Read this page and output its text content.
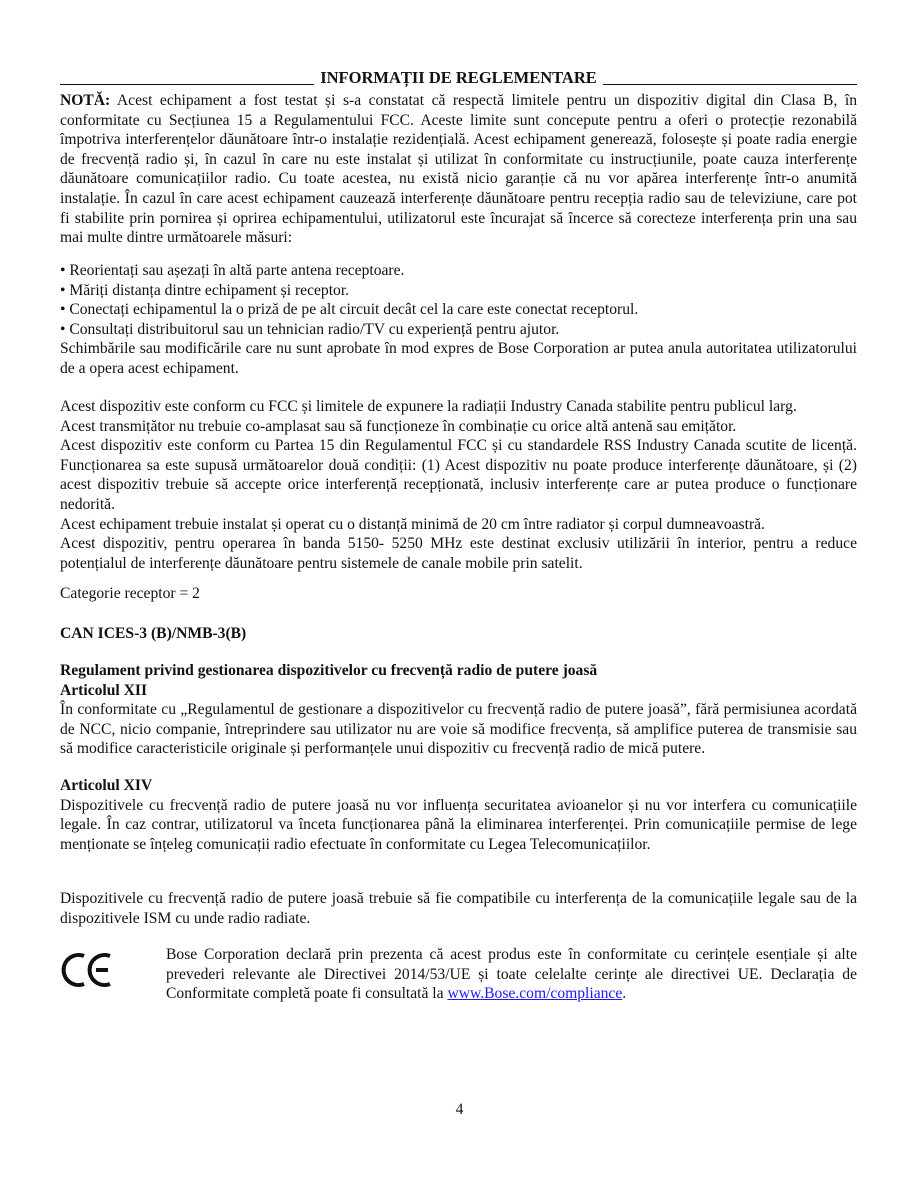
INFORMAȚII DE REGLEMENTARE

NOTĂ: Acest echipament a fost testat și s-a constatat că respectă limitele pentru un dispozitiv digital din Clasa B, în conformitate cu Secțiunea 15 a Regulamentului FCC. Aceste limite sunt concepute pentru a oferi o protecție rezonabilă împotriva interferențelor dăunătoare într-o instalație rezidențială. Acest echipament generează, folosește și poate radia energie de frecvență radio și, în cazul în care nu este instalat și utilizat în conformitate cu instrucțiunile, poate cauza interferențe dăunătoare comunicațiilor radio. Cu toate acestea, nu există nicio garanție că nu vor apărea interferențe într-o anumită instalație. În cazul în care acest echipament cauzează interferențe dăunătoare pentru recepția radio sau de televiziune, care pot fi stabilite prin pornirea și oprirea echipamentului, utilizatorul este încurajat să încerce să corecteze interferența prin una sau mai multe dintre următoarele măsuri:

• Reorientați sau așezați în altă parte antena receptoare.

• Măriți distanța dintre echipament și receptor.

• Conectați echipamentul la o priză de pe alt circuit decât cel la care este conectat receptorul.

• Consultați distribuitorul sau un tehnician radio/TV cu experiență pentru ajutor.

Schimbările sau modificările care nu sunt aprobate în mod expres de Bose Corporation ar putea anula autoritatea utilizatorului de a opera acest echipament.

Acest dispozitiv este conform cu FCC și limitele de expunere la radiații Industry Canada stabilite pentru publicul larg.

Acest transmițător nu trebuie co-amplasat sau să funcționeze în combinație cu orice altă antenă sau emițător.

Acest dispozitiv este conform cu Partea 15 din Regulamentul FCC și cu standardele RSS Industry Canada scutite de licență. Funcționarea sa este supusă următoarelor două condiții: (1) Acest dispozitiv nu poate produce interferențe dăunătoare, și (2) acest dispozitiv trebuie să accepte orice interferență recepționată, inclusiv interferențe care ar putea produce o funcționare nedorită.

Acest echipament trebuie instalat și operat cu o distanță minimă de 20 cm între radiator și corpul dumneavoastră.

Acest dispozitiv, pentru operarea în banda 5150- 5250 MHz este destinat exclusiv utilizării în interior, pentru a reduce potențialul de interferențe dăunătoare pentru sistemele de canale mobile prin satelit.

Categorie receptor = 2
CAN ICES-3 (B)/NMB-3(B)

Regulament privind gestionarea dispozitivelor cu frecvență radio de putere joasă

Articolul XII

În conformitate cu „Regulamentul de gestionare a dispozitivelor cu frecvență radio de putere joasă”, fără permisiunea acordată de NCC, nicio companie, întreprindere sau utilizator nu are voie să modifice frecvența, să amplifice puterea de transmisie sau să modifice caracteristicile originale și performanțele unui dispozitiv cu frecvență radio de mică putere.

Articolul XIV

Dispozitivele cu frecvență radio de putere joasă nu vor influența securitatea avioanelor și nu vor interfera cu comunicațiile legale. În caz contrar, utilizatorul va înceta funcționarea până la eliminarea interferenței. Prin comunicațiile permise de lege menționate se înțeleg comunicații radio efectuate în conformitate cu Legea Telecomunicațiilor.

Dispozitivele cu frecvență radio de putere joasă trebuie să fie compatibile cu interferența de la comunicațiile legale sau de la dispozitivele ISM cu unde radio radiate.

Bose Corporation declară prin prezenta că acest produs este în conformitate cu cerințele esențiale și alte prevederi relevante ale Directivei 2014/53/UE și toate celelalte cerințe ale directivei UE. Declarația de Conformitate completă poate fi consultată la www.Bose.com/compliance.

4
